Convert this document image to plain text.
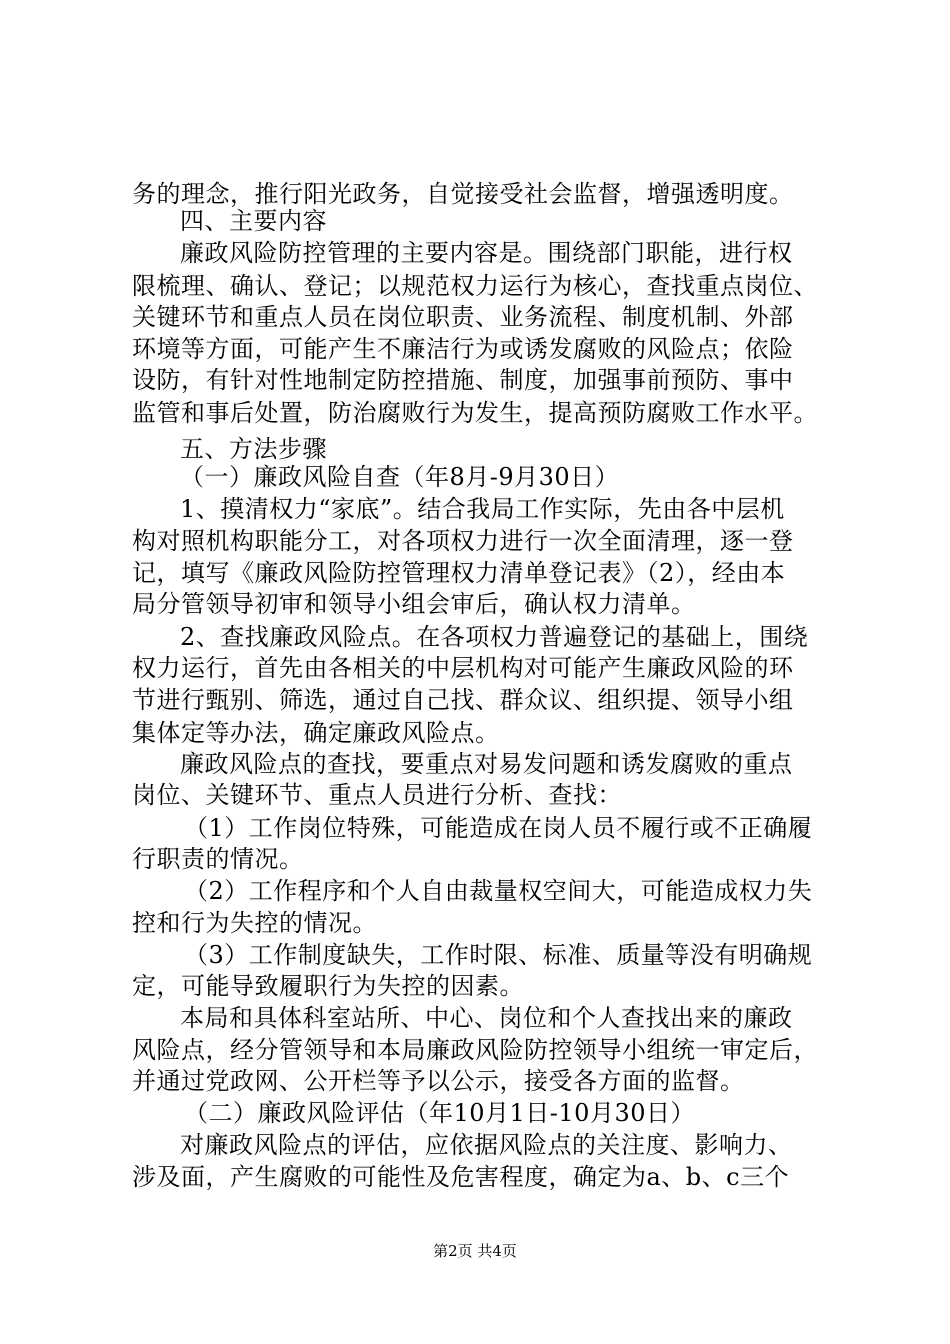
务的理念，推行阳光政务，自觉接受社会监督，增强透明度。
四、主要内容
廉政风险防控管理的主要内容是。围绕部门职能，进行权
限梳理、确认、登记；以规范权力运行为核心，查找重点岗位、
关键环节和重点人员在岗位职责、业务流程、制度机制、外部
环境等方面，可能产生不廉洁行为或诱发腐败的风险点；依险
设防，有针对性地制定防控措施、制度，加强事前预防、事中
监管和事后处置，防治腐败行为发生，提高预防腐败工作水平。
五、方法步骤
（一）廉政风险自查（年8月-9月30日）
1、摸清权力“家底”。结合我局工作实际，先由各中层机
构对照机构职能分工，对各项权力进行一次全面清理，逐一登
记，填写《廉政风险防控管理权力清单登记表》（2），经由本
局分管领导初审和领导小组会审后，确认权力清单。
2、查找廉政风险点。在各项权力普遍登记的基础上，围绕
权力运行，首先由各相关的中层机构对可能产生廉政风险的环
节进行甄别、筛选，通过自己找、群众议、组织提、领导小组
集体定等办法，确定廉政风险点。
廉政风险点的查找，要重点对易发问题和诱发腐败的重点
岗位、关键环节、重点人员进行分析、查找：
（1）工作岗位特殊，可能造成在岗人员不履行或不正确履
行职责的情况。
（2）工作程序和个人自由裁量权空间大，可能造成权力失
控和行为失控的情况。
（3）工作制度缺失，工作时限、标准、质量等没有明确规
定，可能导致履职行为失控的因素。
本局和具体科室站所、中心、岗位和个人查找出来的廉政
风险点，经分管领导和本局廉政风险防控领导小组统一审定后，
并通过党政网、公开栏等予以公示，接受各方面的监督。
（二）廉政风险评估（年10月1日-10月30日）
第2页 共4页
对廉政风险点的评估，应依据风险点的关注度、影响力、
涉及面，产生腐败的可能性及危害程度，确定为a、b、c三个
